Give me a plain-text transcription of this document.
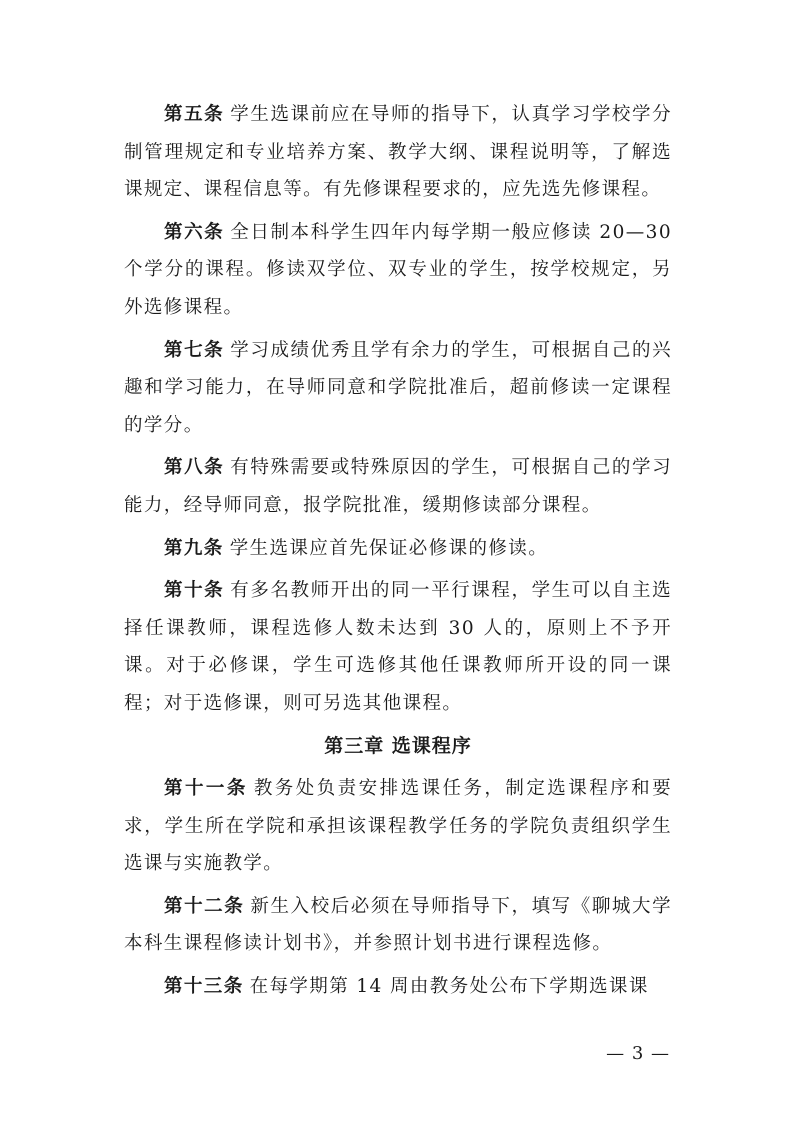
第五条 学生选课前应在导师的指导下，认真学习学校学分制管理规定和专业培养方案、教学大纲、课程说明等，了解选课规定、课程信息等。有先修课程要求的，应先选先修课程。

第六条 全日制本科学生四年内每学期一般应修读 20—30 个学分的课程。修读双学位、双专业的学生，按学校规定，另外选修课程。

第七条 学习成绩优秀且学有余力的学生，可根据自己的兴趣和学习能力，在导师同意和学院批准后，超前修读一定课程的学分。

第八条 有特殊需要或特殊原因的学生，可根据自己的学习能力，经导师同意，报学院批准，缓期修读部分课程。

第九条 学生选课应首先保证必修课的修读。

第十条 有多名教师开出的同一平行课程，学生可以自主选择任课教师，课程选修人数未达到 30 人的，原则上不予开课。对于必修课，学生可选修其他任课教师所开设的同一课程；对于选修课，则可另选其他课程。

第三章 选课程序

第十一条 教务处负责安排选课任务，制定选课程序和要求，学生所在学院和承担该课程教学任务的学院负责组织学生选课与实施教学。

第十二条 新生入校后必须在导师指导下，填写《聊城大学本科生课程修读计划书》，并参照计划书进行课程选修。

第十三条 在每学期第 14 周由教务处公布下学期选课课

— 3 —
